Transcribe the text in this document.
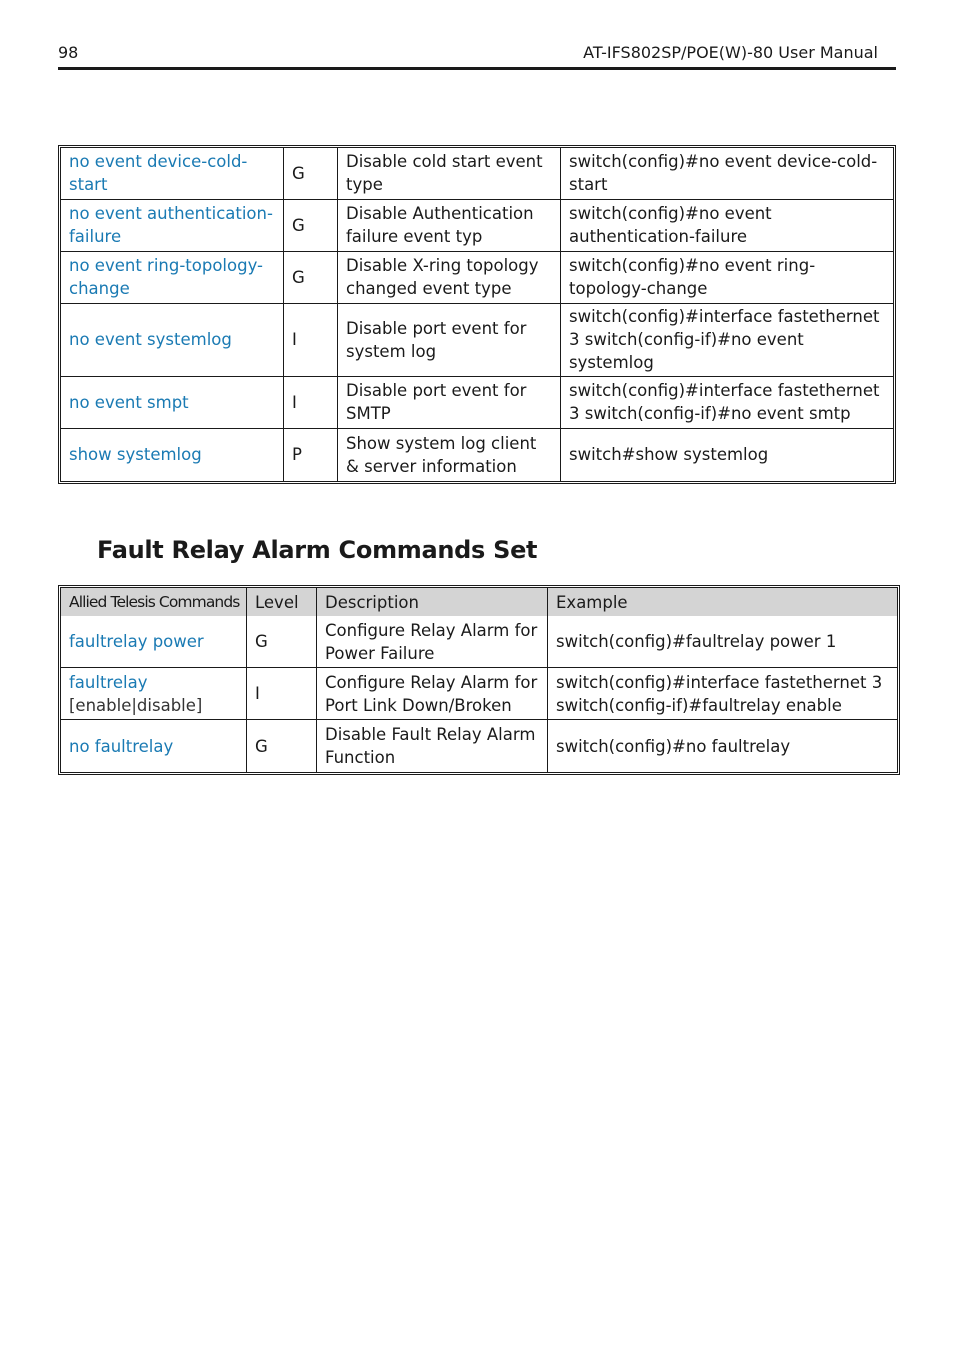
98	AT-IFS802SP/POE(W)-80 User Manual
no event device-cold-start	G	Disable cold start event type	switch(config)#no event device-cold-start
no event authentication-failure	G	Disable Authentication failure event typ	switch(config)#no event authentication-failure
no event ring-topology-change	G	Disable X-ring topology changed event type	switch(config)#no event ring-topology-change
no event systemlog	I	Disable port event for system log	switch(config)#interface fastethernet 3 switch(config-if)#no event systemlog
no event smpt	I	Disable port event for SMTP	switch(config)#interface fastethernet 3 switch(config-if)#no event smtp
show systemlog	P	Show system log client & server information	switch#show systemlog
Fault Relay Alarm Commands Set
Allied Telesis Commands	Level	Description	Example
faultrelay power	G	Configure Relay Alarm for Power Failure	switch(config)#faultrelay power 1
faultrelay
[enable|disable]	I	Configure Relay Alarm for Port Link Down/Broken	switch(config)#interface fastethernet 3 switch(config-if)#faultrelay enable
no faultrelay	G	Disable Fault Relay Alarm Function	switch(config)#no faultrelay
